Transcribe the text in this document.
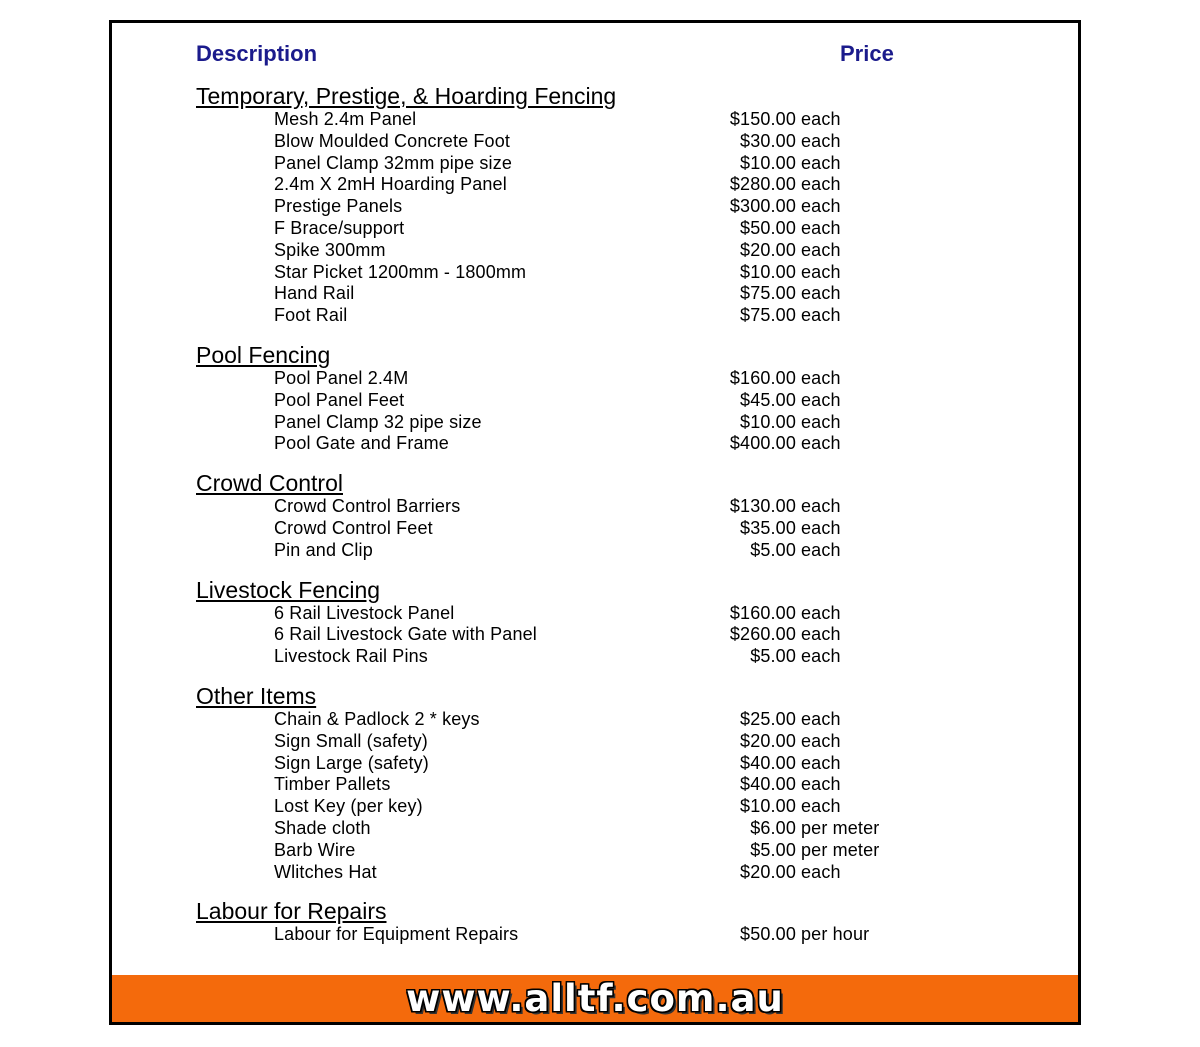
Description	Price
Temporary, Prestige, & Hoarding Fencing
Mesh 2.4m Panel	$150.00 each
Blow Moulded Concrete Foot	$30.00 each
Panel Clamp 32mm pipe size	$10.00 each
2.4m X 2mH Hoarding Panel	$280.00 each
Prestige Panels	$300.00 each
F Brace/support	$50.00 each
Spike 300mm	$20.00 each
Star Picket 1200mm - 1800mm	$10.00 each
Hand Rail	$75.00 each
Foot Rail	$75.00 each
Pool Fencing
Pool Panel 2.4M	$160.00 each
Pool Panel Feet	$45.00 each
Panel Clamp 32 pipe size	$10.00 each
Pool Gate and Frame	$400.00 each
Crowd Control
Crowd Control Barriers	$130.00 each
Crowd Control Feet	$35.00 each
Pin and Clip	$5.00 each
Livestock Fencing
6 Rail Livestock Panel	$160.00 each
6 Rail Livestock Gate with Panel	$260.00 each
Livestock Rail Pins	$5.00 each
Other Items
Chain & Padlock 2 * keys	$25.00 each
Sign Small (safety)	$20.00 each
Sign Large (safety)	$40.00 each
Timber Pallets	$40.00 each
Lost Key (per key)	$10.00 each
Shade cloth	$6.00 per meter
Barb Wire	$5.00 per meter
Wlitches Hat	$20.00 each
Labour for Repairs
Labour for Equipment Repairs	$50.00 per hour
www.alltf.com.au
